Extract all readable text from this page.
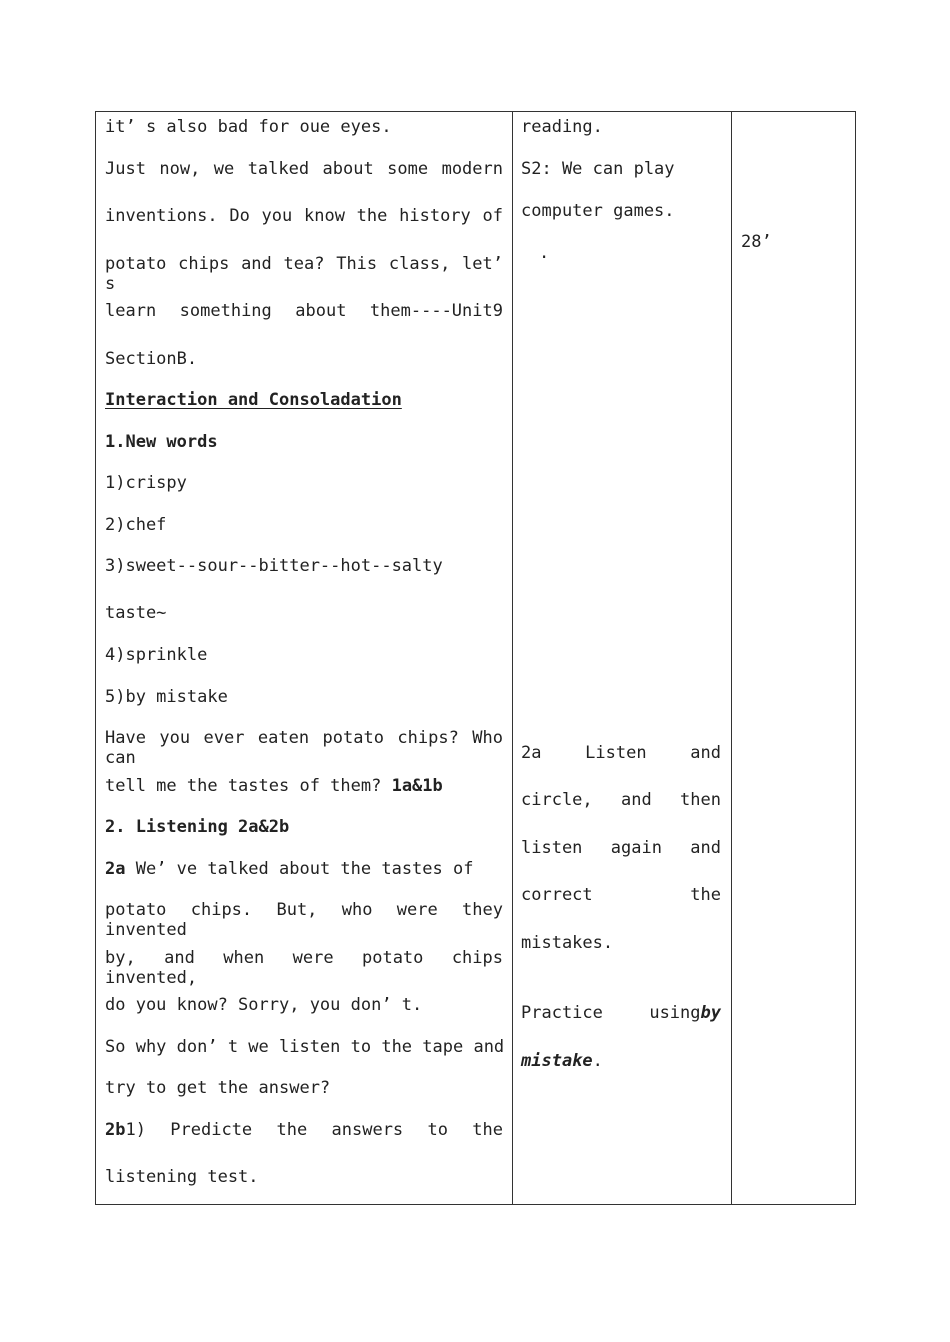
it’ s also bad for oue eyes.
Just now, we talked about some modern
inventions. Do you know the history of
potato chips and tea? This class, let’ s
learn something about them----Unit9
SectionB.
Interaction and Consoladation
1.New words
1)crispy
2)chef
3)sweet--sour--bitter--hot--salty
taste~
4)sprinkle
5)by mistake
Have you ever eaten potato chips? Who can
tell me the tastes of them? 1a&1b
2. Listening 2a&2b
2a We’ ve talked about the tastes of
potato chips. But, who were they invented
by, and when were potato chips invented,
do you know? Sorry, you don’ t.
So why don’ t we listen to the tape and
try to get the answer?
2b 1) Predicte the answers to the
listening test.
reading.
S2: We can play
computer games.
.
2a Listen and
circle, and then
listen again and
correct the
mistakes.
Practice using by
mistake.
28’
